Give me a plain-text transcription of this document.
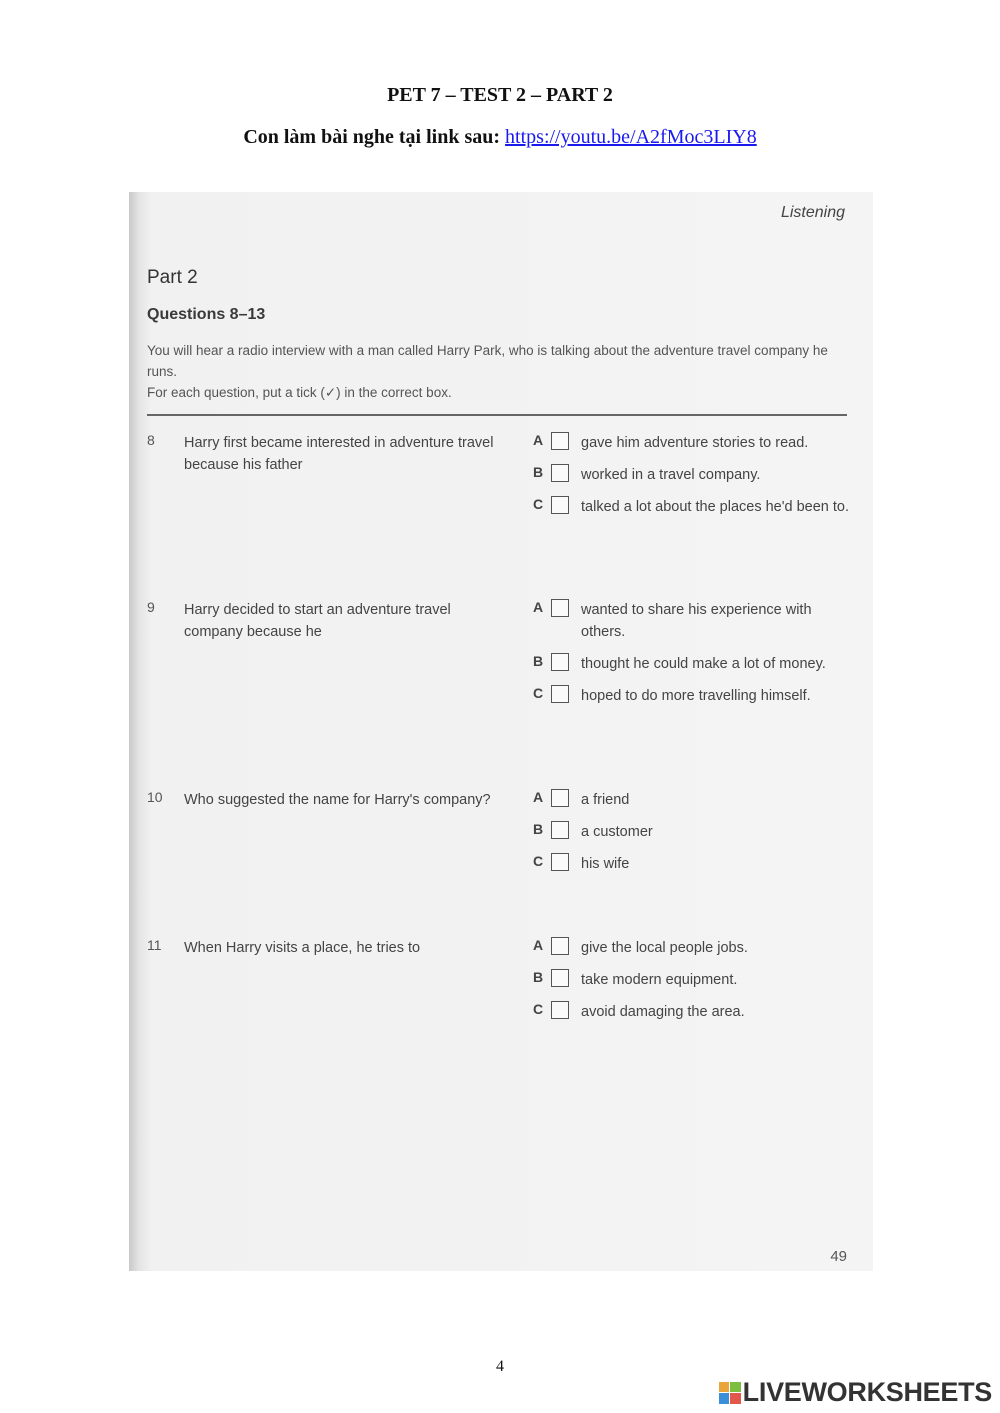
PET 7 – TEST 2 – PART 2
Con làm bài nghe tại link sau: https://youtu.be/A2fMoc3LIY8
Listening
Part 2
Questions 8–13

You will hear a radio interview with a man called Harry Park, who is talking about the adventure travel company he runs.

For each question, put a tick (✓) in the correct box.

8	Harry first became interested in adventure travel because his father
A	gave him adventure stories to read.
B	worked in a travel company.
C	talked a lot about the places he'd been to.
9	Harry decided to start an adventure travel company because he
A	wanted to share his experience with others.
B	thought he could make a lot of money.
C	hoped to do more travelling himself.
10	Who suggested the name for Harry's company?	A	a friend
B	a customer
C	his wife
11	When Harry visits a place, he tries to	A	give the local people jobs.
B	take modern equipment.
C	avoid damaging the area.
49
4
LIVEWORKSHEETS
